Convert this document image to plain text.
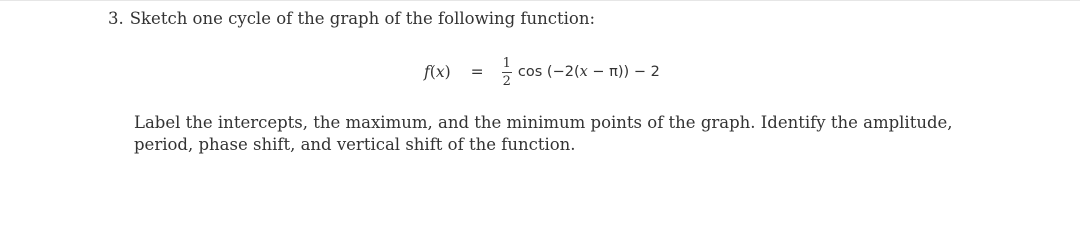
3. Sketch one cycle of the graph of the following function:
$f(x) = \frac{1}{2}$ cos (−2(x − π)) − 2
Label the intercepts, the maximum, and the minimum points of the graph. Identify the amplitude,
period, phase shift, and vertical shift of the function.
